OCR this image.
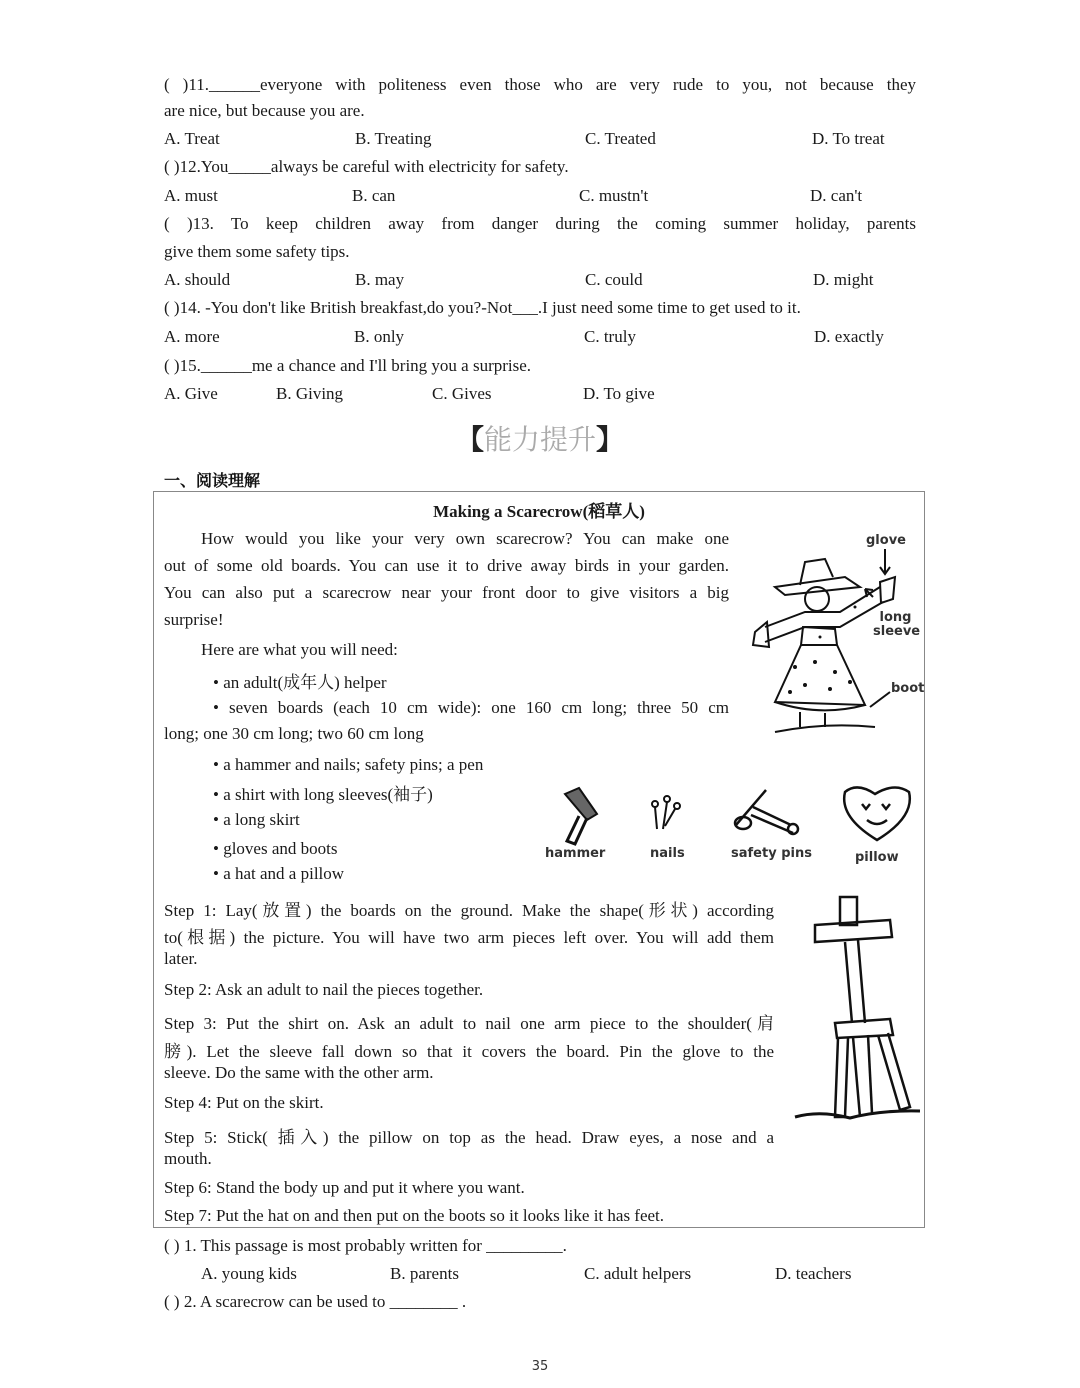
( )11.______everyone with politeness even those who are very rude to you, not because they
are nice, but because you are.
A. Treat	B. Treating	C. Treated	D. To treat
( )12.You_____always be careful with electricity for safety.
A. must	B. can	C. mustn't	D. can't
( )13. To keep children away from danger during the coming summer holiday, parents
give them some safety tips.
A. should	B. may	C. could	D. might
( )14. -You don't like British breakfast,do you?-Not___.I just need some time to get used to it.
A. more	B. only	C. truly	D. exactly
( )15.______me a chance and I'll bring you a surprise.
A. Give	B. Giving	C. Gives	D. To give
【能力提升】
一、阅读理解
Making a Scarecrow(稻草人)
How would you like your very own scarecrow? You can make one
out of some old boards. You can use it to drive away birds in your garden.
You can also put a scarecrow near your front door to give visitors a big
surprise!
Here are what you will need:
• an adult(成年人) helper
• seven boards (each 10 cm wide): one 160 cm long; three 50 cm
long; one 30 cm long; two 60 cm long
• a hammer and nails; safety pins; a pen
• a shirt with long sleeves(袖子)
• a long skirt
• gloves and boots
• a hat and a pillow
glove
long sleeve
boot
hammer	nails	safety pins	pillow
Step 1: Lay(放置) the boards on the ground. Make the shape(形状) according
to(根据) the picture. You will have two arm pieces left over. You will add them
later.
Step 2: Ask an adult to nail the pieces together.
Step 3: Put the shirt on. Ask an adult to nail one arm piece to the shoulder(肩
膀). Let the sleeve fall down so that it covers the board. Pin the glove to the
sleeve. Do the same with the other arm.
Step 4: Put on the skirt.
Step 5: Stick( 插入) the pillow on top as the head. Draw eyes, a nose and a
mouth.
Step 6: Stand the body up and put it where you want.
Step 7: Put the hat on and then put on the boots so it looks like it has feet.
( ) 1. This passage is most probably written for _________.
A. young kids	B. parents	C. adult helpers	D. teachers
( ) 2. A scarecrow can be used to ________ .
35
